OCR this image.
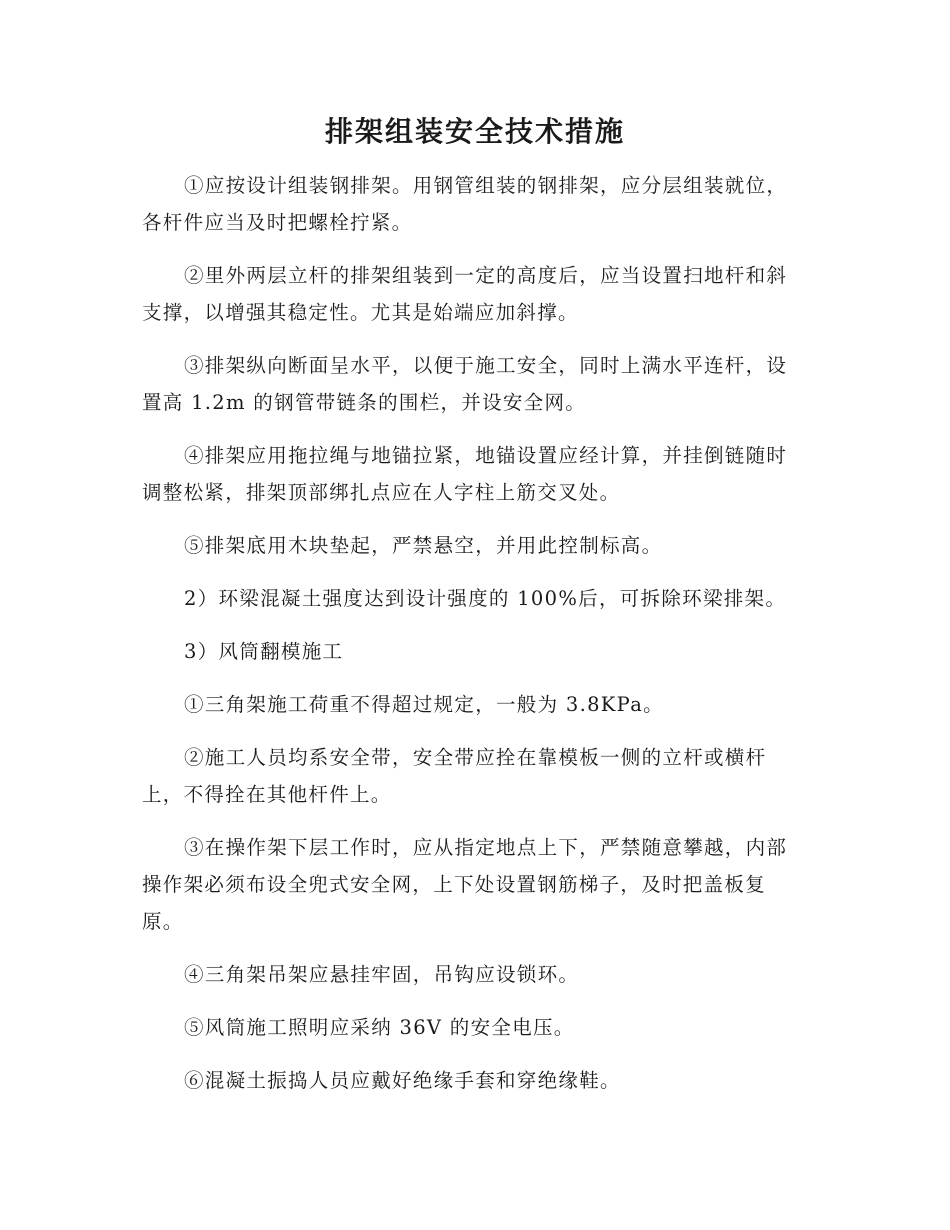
排架组装安全技术措施

①应按设计组装钢排架。用钢管组装的钢排架，应分层组装就位，各杆件应当及时把螺栓拧紧。

②里外两层立杆的排架组装到一定的高度后，应当设置扫地杆和斜支撑，以增强其稳定性。尤其是始端应加斜撑。

③排架纵向断面呈水平，以便于施工安全，同时上满水平连杆，设置高 1.2m 的钢管带链条的围栏，并设安全网。

④排架应用拖拉绳与地锚拉紧，地锚设置应经计算，并挂倒链随时调整松紧，排架顶部绑扎点应在人字柱上筋交叉处。

⑤排架底用木块垫起，严禁悬空，并用此控制标高。

2）环梁混凝土强度达到设计强度的 100%后，可拆除环梁排架。

3）风筒翻模施工

①三角架施工荷重不得超过规定，一般为 3.8KPa。

②施工人员均系安全带，安全带应拴在靠模板一侧的立杆或横杆上，不得拴在其他杆件上。

③在操作架下层工作时，应从指定地点上下，严禁随意攀越，内部操作架必须布设全兜式安全网，上下处设置钢筋梯子，及时把盖板复原。

④三角架吊架应悬挂牢固，吊钩应设锁环。

⑤风筒施工照明应采纳 36V 的安全电压。

⑥混凝土振捣人员应戴好绝缘手套和穿绝缘鞋。
